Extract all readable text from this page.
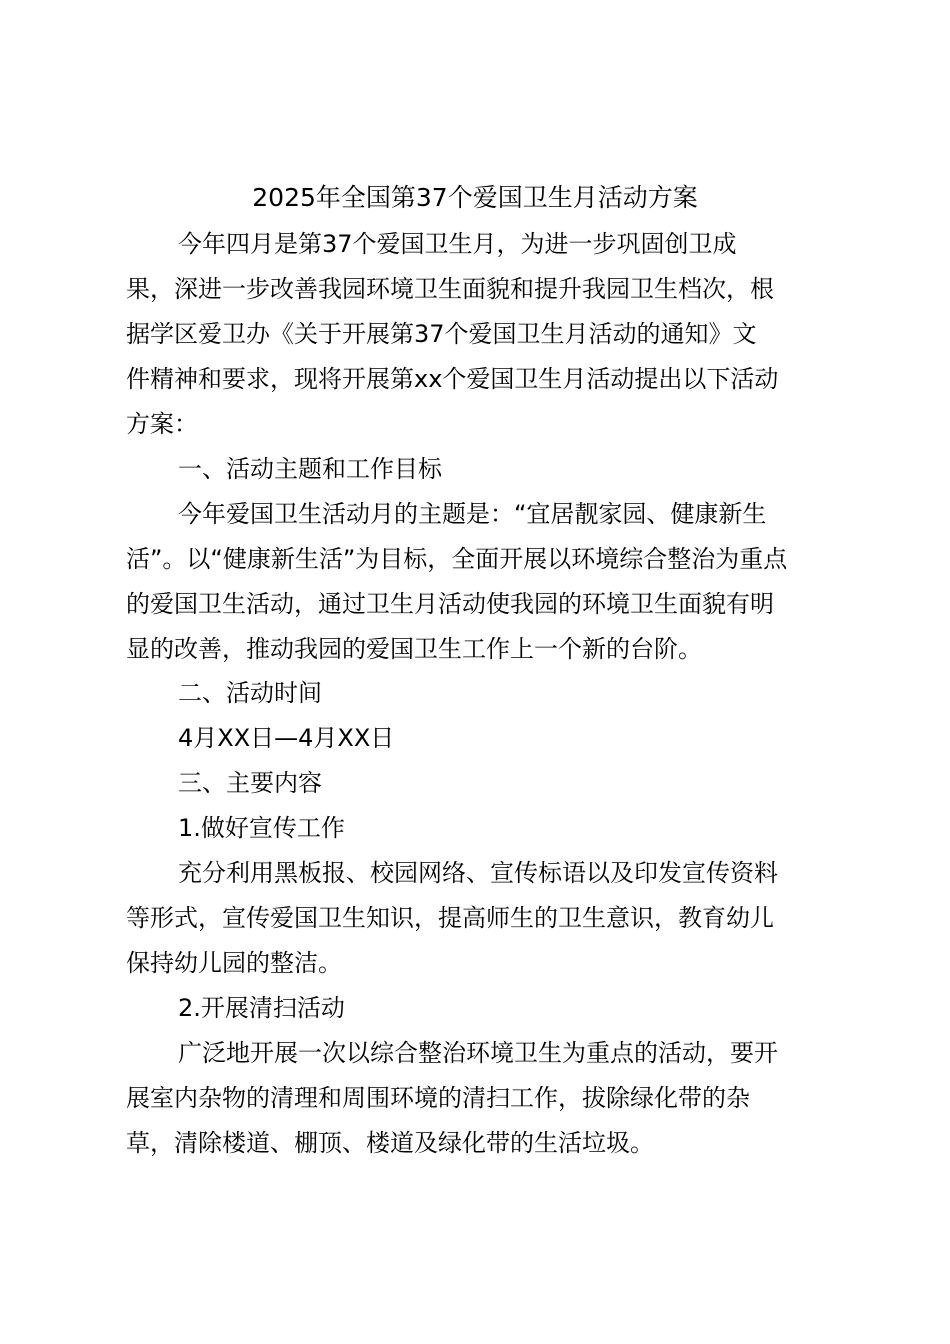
2025年全国第37个爱国卫生月活动方案

今年四月是第37个爱国卫生月，为进一步巩固创卫成

果，深进一步改善我园环境卫生面貌和提升我园卫生档次，根

据学区爱卫办《关于开展第37个爱国卫生月活动的通知》文

件精神和要求，现将开展第xx个爱国卫生月活动提出以下活动

方案：

一、活动主题和工作目标

今年爱国卫生活动月的主题是：“宜居靓家园、健康新生

活”。以“健康新生活”为目标，全面开展以环境综合整治为重点

的爱国卫生活动，通过卫生月活动使我园的环境卫生面貌有明

显的改善，推动我园的爱国卫生工作上一个新的台阶。

二、活动时间

4月XX日—4月XX日

三、主要内容

1.做好宣传工作

充分利用黑板报、校园网络、宣传标语以及印发宣传资料

等形式，宣传爱国卫生知识，提高师生的卫生意识，教育幼儿

保持幼儿园的整洁。

2.开展清扫活动

广泛地开展一次以综合整治环境卫生为重点的活动，要开

展室内杂物的清理和周围环境的清扫工作，拔除绿化带的杂

草，清除楼道、棚顶、楼道及绿化带的生活垃圾。
